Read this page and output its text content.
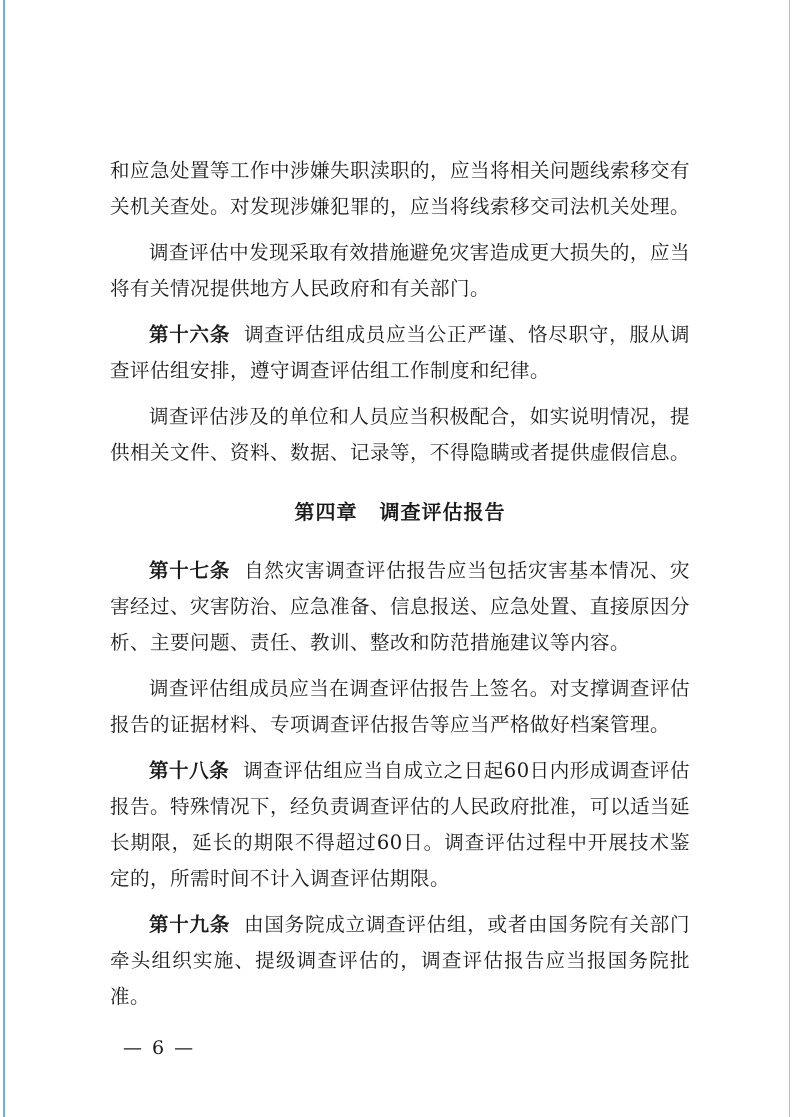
和应急处置等工作中涉嫌失职渎职的，应当将相关问题线索移交有关机关查处。对发现涉嫌犯罪的，应当将线索移交司法机关处理。

调查评估中发现采取有效措施避免灾害造成更大损失的，应当将有关情况提供地方人民政府和有关部门。

第十六条 调查评估组成员应当公正严谨、恪尽职守，服从调查评估组安排，遵守调查评估组工作制度和纪律。

调查评估涉及的单位和人员应当积极配合，如实说明情况，提供相关文件、资料、数据、记录等，不得隐瞒或者提供虚假信息。

第四章 调查评估报告

第十七条 自然灾害调查评估报告应当包括灾害基本情况、灾害经过、灾害防治、应急准备、信息报送、应急处置、直接原因分析、主要问题、责任、教训、整改和防范措施建议等内容。

调查评估组成员应当在调查评估报告上签名。对支撑调查评估报告的证据材料、专项调查评估报告等应当严格做好档案管理。

第十八条 调查评估组应当自成立之日起60日内形成调查评估报告。特殊情况下，经负责调查评估的人民政府批准，可以适当延长期限，延长的期限不得超过60日。调查评估过程中开展技术鉴定的，所需时间不计入调查评估期限。

第十九条 由国务院成立调查评估组，或者由国务院有关部门牵头组织实施、提级调查评估的，调查评估报告应当报国务院批准。

— 6 —
